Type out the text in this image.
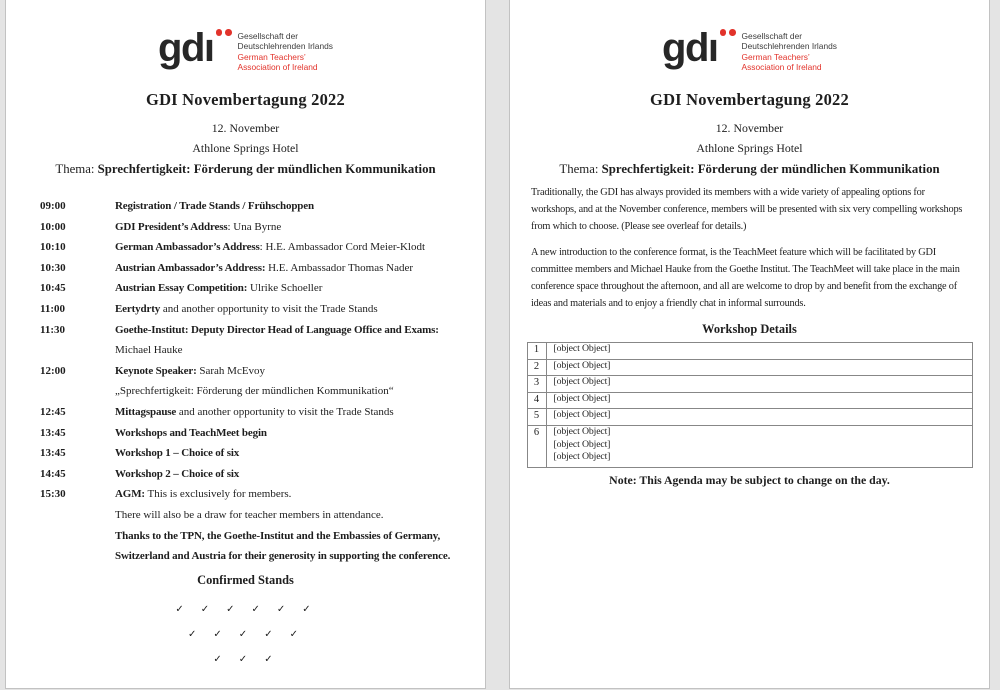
gdı	Gesellschaft der
Deutschlehrenden Irlands
German Teachers’
Association of Ireland
GDI Novembertagung 2022
12. November
Athlone Springs Hotel
Thema: Sprechfertigkeit: Förderung der mündlichen Kommunikation
09:00	Registration / Trade Stands / Frühschoppen
10:00	GDI President’s Address: Una Byrne
10:10	German Ambassador’s Address: H.E. Ambassador Cord Meier-Klodt
10:30	Austrian Ambassador’s Address: H.E. Ambassador Thomas Nader
10:45	Austrian Essay Competition: Ulrike Schoeller
11:00	Eertydrty and another opportunity to visit the Trade Stands
11:30	Goethe-Institut: Deputy Director Head of Language Office and Exams:
Michael Hauke
12:00	Keynote Speaker: Sarah McEvoy
„Sprechfertigkeit: Förderung der mündlichen Kommunikation“
12:45	Mittagspause and another opportunity to visit the Trade Stands
13:45	Workshops and TeachMeet begin
13:45	Workshop 1 – Choice of six
14:45	Workshop 2 – Choice of six
15:30	AGM: This is exclusively for members.
There will also be a draw for teacher members in attendance.
Thanks to the TPN, the Goethe-Institut and the Embassies of Germany,
Switzerland and Austria for their generosity in supporting the conference.
Confirmed Stands
✓ ✓ ✓ ✓ ✓ ✓
✓ ✓ ✓ ✓ ✓
✓ ✓ ✓
gdı	Gesellschaft der
Deutschlehrenden Irlands
German Teachers’
Association of Ireland
GDI Novembertagung 2022
12. November
Athlone Springs Hotel
Thema: Sprechfertigkeit: Förderung der mündlichen Kommunikation
Traditionally, the GDI has always provided its members with a wide variety of appealing options for workshops, and at the November conference, members will be presented with six very compelling workshops from which to choose. (Please see overleaf for details.)
A new introduction to the conference format, is the TeachMeet feature which will be facilitated by GDI committee members and Michael Hauke from the Goethe Institut. The TeachMeet will take place in the main conference space throughout the afternoon, and all are welcome to drop by and benefit from the exchange of ideas and materials and to enjoy a friendly chat in informal surrounds.
Workshop Details
1	[object Object]

2	[object Object]

3	[object Object]

4	[object Object]

5	[object Object]

6	[object Object]
[object Object]
[object Object]
Note: This Agenda may be subject to change on the day.
